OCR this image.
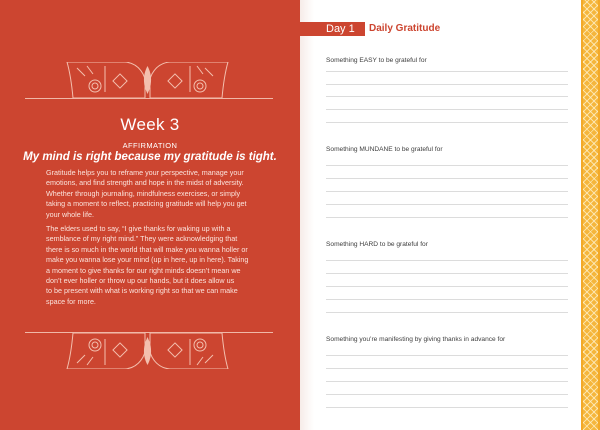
Week 3
AFFIRMATION
My mind is right because my gratitude is tight.
Gratitude helps you to reframe your perspective, manage your
emotions, and find strength and hope in the midst of adversity.
Whether through journaling, mindfulness exercises, or simply
taking a moment to reflect, practicing gratitude will help you get
your whole life.
The elders used to say, “I give thanks for waking up with a
semblance of my right mind.” They were acknowledging that
there is so much in the world that will make you wanna holler or
make you wanna lose your mind (up in here, up in here). Taking
a moment to give thanks for our right minds doesn’t mean we
don’t ever holler or throw up our hands, but it does allow us
to be present with what is working right so that we can make
space for more.
Day 1 Daily Gratitude
Something EASY to be grateful for
Something MUNDANE to be grateful for
Something HARD to be grateful for
Something you’re manifesting by giving thanks in advance for
